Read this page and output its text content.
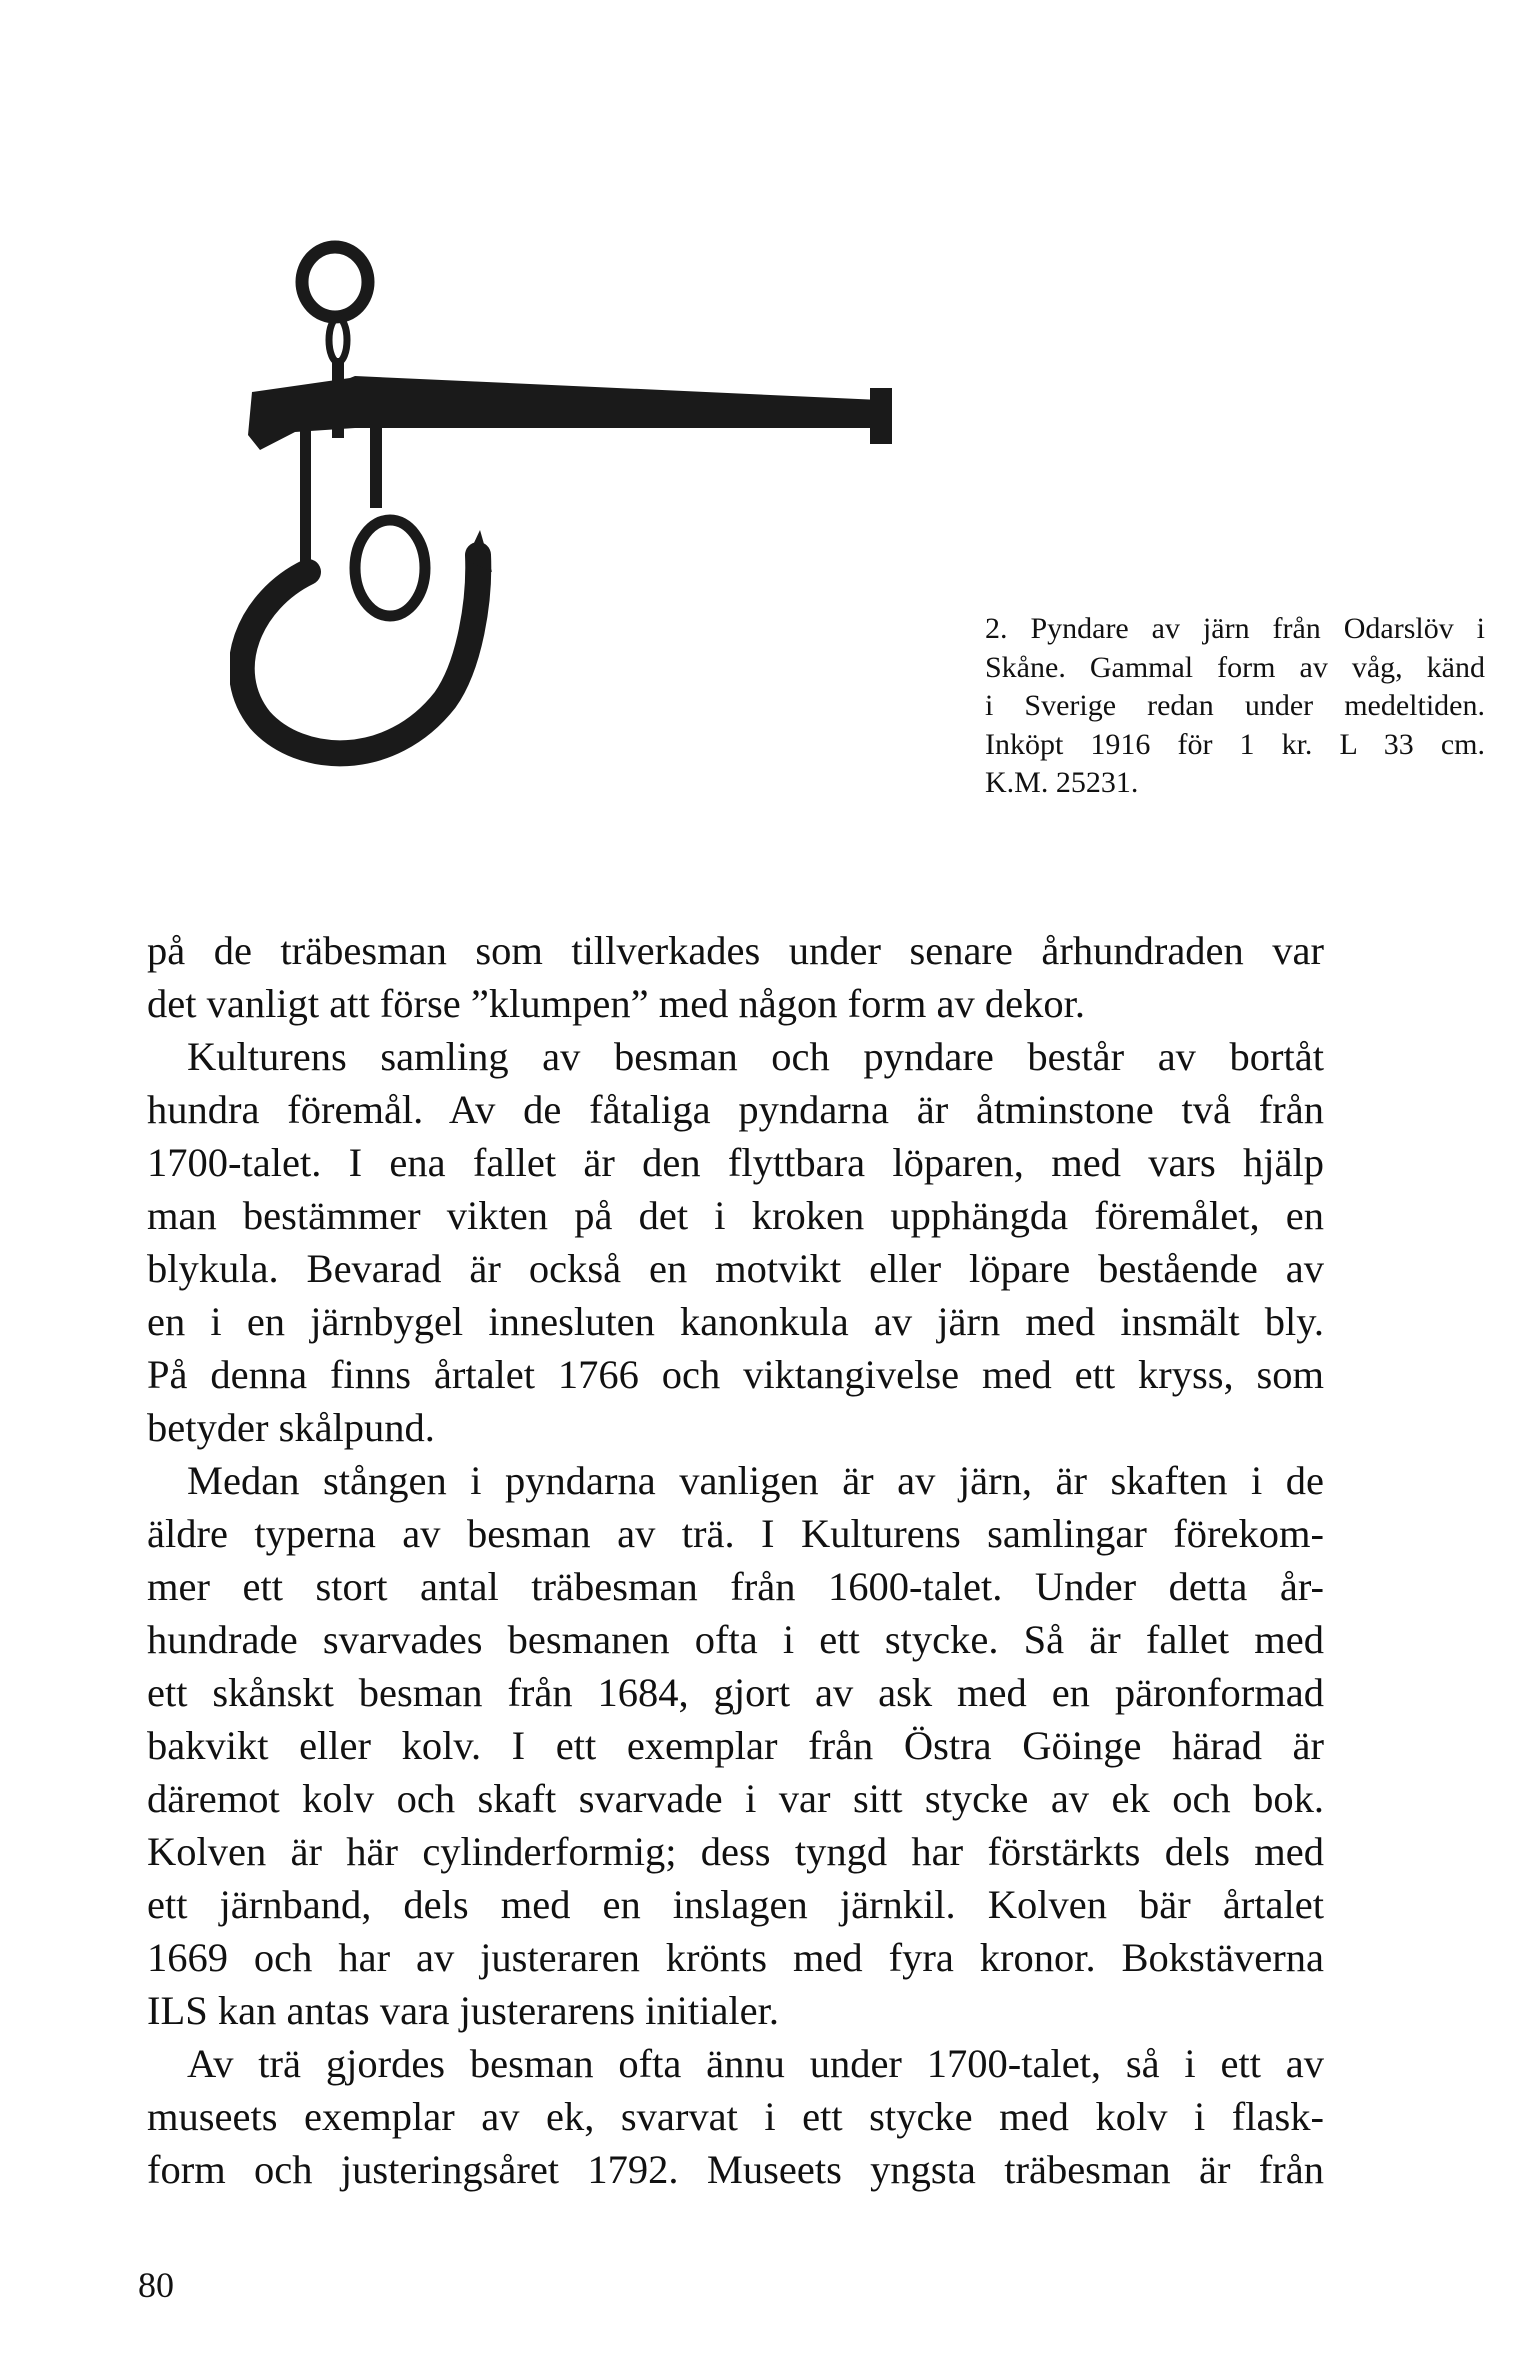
2. Pyndare av järn från Odarslöv i
Skåne. Gammal form av våg, känd
i Sverige redan under medeltiden.
Inköpt 1916 för 1 kr. L 33 cm.
K.M. 25231.

på de träbesman som tillverkades under senare århundraden var
det vanligt att förse ”klumpen” med någon form av dekor.

Kulturens samling av besman och pyndare består av bortåt
hundra föremål. Av de fåtaliga pyndarna är åtminstone två från
1700-talet. I ena fallet är den flyttbara löparen, med vars hjälp
man bestämmer vikten på det i kroken upphängda föremålet, en
blykula. Bevarad är också en motvikt eller löpare bestående av
en i en järnbygel innesluten kanonkula av järn med insmält bly.
På denna finns årtalet 1766 och viktangivelse med ett kryss, som
betyder skålpund.

Medan stången i pyndarna vanligen är av järn, är skaften i de
äldre typerna av besman av trä. I Kulturens samlingar förekom-
mer ett stort antal träbesman från 1600-talet. Under detta år-
hundrade svarvades besmanen ofta i ett stycke. Så är fallet med
ett skånskt besman från 1684, gjort av ask med en päronformad
bakvikt eller kolv. I ett exemplar från Östra Göinge härad är
däremot kolv och skaft svarvade i var sitt stycke av ek och bok.
Kolven är här cylinderformig; dess tyngd har förstärkts dels med
ett järnband, dels med en inslagen järnkil. Kolven bär årtalet
1669 och har av justeraren krönts med fyra kronor. Bokstäverna
ILS kan antas vara justerarens initialer.

Av trä gjordes besman ofta ännu under 1700-talet, så i ett av
museets exemplar av ek, svarvat i ett stycke med kolv i flask-
form och justeringsåret 1792. Museets yngsta träbesman är från

80
